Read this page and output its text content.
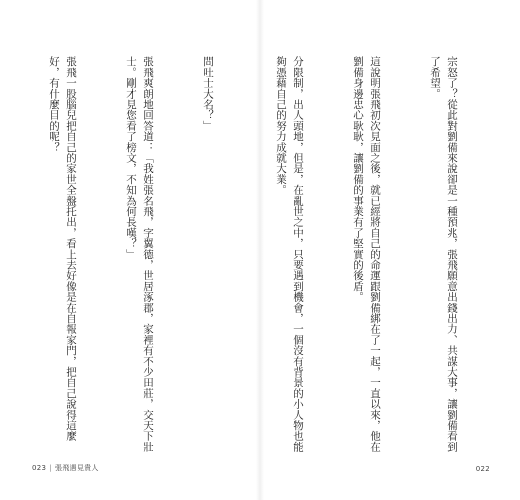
問吐士大名？」

張飛爽朗地回答道：「我姓張名飛，字翼德，世居涿郡，家裡有不少田莊，交天下壯士。剛才見您看了榜文，不知為何長嘆？」

張飛一股腦兒把自己的家世全盤托出，看上去好像是在自報家門，把自己說得這麼好，有什麼目的呢？

023 | 張飛遇見貴人

宗怒了？從此對劉備來說卻是一種預兆，張飛願意出錢出力、共謀大事，讓劉備看到了希望。

這說明張飛初次見面之後，就已經將自己的命運跟劉備綁在了一起，一直以來，他在劉備身邊忠心耿耿，讓劉備的事業有了堅實的後盾。

分限制，出人頭地，但是，在亂世之中，只要遇到機會，一個沒有背景的小人物也能夠憑藉自己的努力成就大業。

022
